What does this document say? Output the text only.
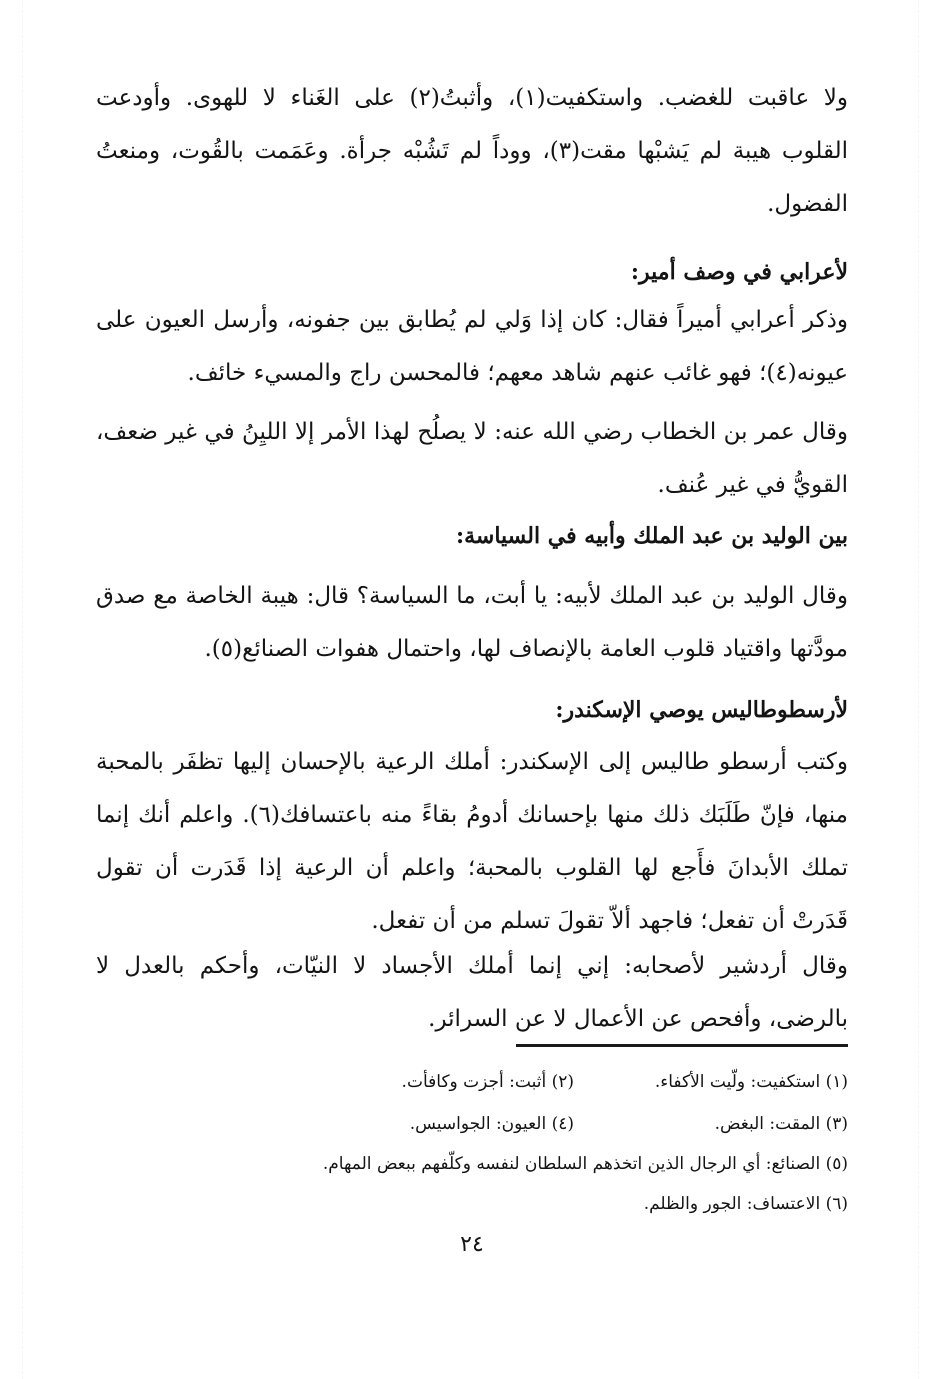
ولا عاقبت للغضب. واستكفيت(١)، وأثبتُ(٢) على الغَناء لا للهوى. وأودعت القلوب هيبة لم يَشبْها مقت(٣)، ووداً لم تَشُبْه جرأة. وعَمَمت بالقُوت، ومنعتُ الفضول.

لأعرابي في وصف أمير:

وذكر أعرابي أميراً فقال: كان إذا وَلي لم يُطابق بين جفونه، وأرسل العيون على عيونه(٤)؛ فهو غائب عنهم شاهد معهم؛ فالمحسن راج والمسيء خائف.

وقال عمر بن الخطاب رضي الله عنه: لا يصلُح لهذا الأمر إلا الليِنُ في غير ضعف، القويُّ في غير عُنف.

بين الوليد بن عبد الملك وأبيه في السياسة:

وقال الوليد بن عبد الملك لأبيه: يا أبت، ما السياسة؟ قال: هيبة الخاصة مع صدق مودَّتها واقتياد قلوب العامة بالإنصاف لها، واحتمال هفوات الصنائع(٥).

لأرسطوطاليس يوصي الإسكندر:

وكتب أرسطو طاليس إلى الإسكندر: أملك الرعية بالإحسان إليها تظفَر بالمحبة منها، فإنّ طَلَبَك ذلك منها بإحسانك أدومُ بقاءً منه باعتسافك(٦). واعلم أنك إنما تملك الأبدانَ فأَجع لها القلوب بالمحبة؛ واعلم أن الرعية إذا قَدَرت أن تقول قَدَرتْ أن تفعل؛ فاجهد ألاّ تقولَ تسلم من أن تفعل.

وقال أردشير لأصحابه: إني إنما أملك الأجساد لا النيّات، وأحكم بالعدل لا بالرضى، وأفحص عن الأعمال لا عن السرائر.

(١) استكفيت: ولّيت الأكفاء.
(٢) أثبت: أجزت وكافأت.
(٣) المقت: البغض.
(٤) العيون: الجواسيس.
(٥) الصنائع: أي الرجال الذين اتخذهم السلطان لنفسه وكلّفهم ببعض المهام.
(٦) الاعتساف: الجور والظلم.
٢٤
